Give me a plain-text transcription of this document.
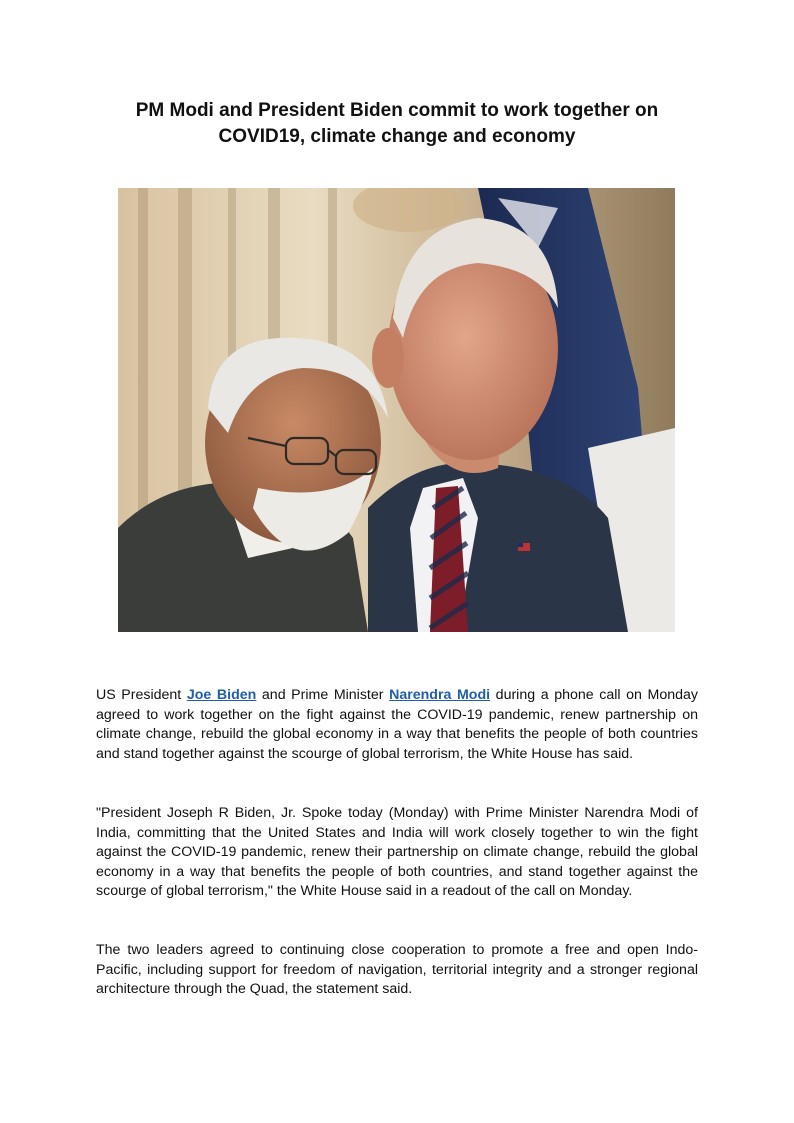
PM Modi and President Biden commit to work together on
COVID19, climate change and economy

US President Joe Biden and Prime Minister Narendra Modi during a phone call on Monday agreed to work together on the fight against the COVID-19 pandemic, renew partnership on climate change, rebuild the global economy in a way that benefits the people of both countries and stand together against the scourge of global terrorism, the White House has said.

"President Joseph R Biden, Jr. Spoke today (Monday) with Prime Minister Narendra Modi of India, committing that the United States and India will work closely together to win the fight against the COVID-19 pandemic, renew their partnership on climate change, rebuild the global economy in a way that benefits the people of both countries, and stand together against the scourge of global terrorism," the White House said in a readout of the call on Monday.

The two leaders agreed to continuing close cooperation to promote a free and open Indo-Pacific, including support for freedom of navigation, territorial integrity and a stronger regional architecture through the Quad, the statement said.
